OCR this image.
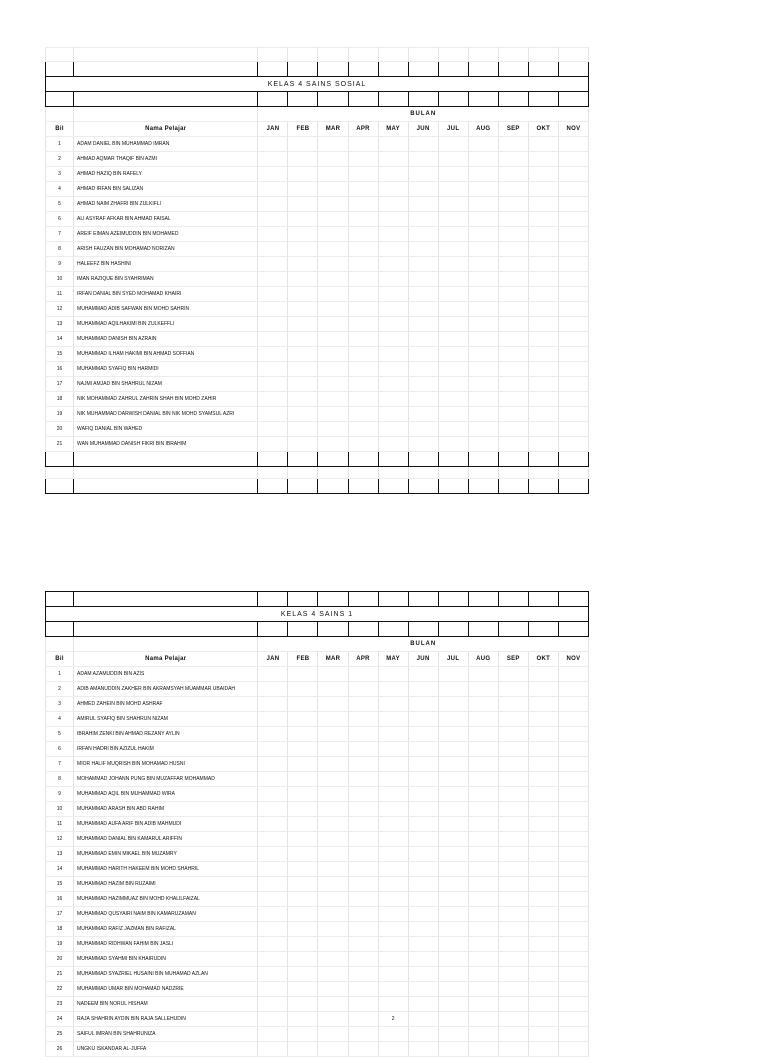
KELAS 4 SAINS SOSIAL												

		BULAN										
Bil	Nama Pelajar	JAN	FEB	MAR	APR	MAY	JUN	JUL	AUG	SEP	OKT	NOV
1	ADAM DANIEL BIN MUHAMMAD IMRAN											
2	AHMAD AQMAR THAQIF BIN AZMI											
3	AHMAD HAZIQ BIN RAFELY											
4	AHMAD IRFAN BIN SALIZAN											
5	AHMAD NAIM ZHAFRI BIN ZULKIFLI											
6	ALI ASYRAF AFKAR BIN AHMAD FAISAL											
7	AREIF EIMAN AZEIMUDDIN BIN MOHAMED											
8	ARISH FAUZAN BIN MOHAMAD NORIZAN											
9	HALEEFZ BIN HASHINI											
10	IMAN RAZIQUE BIN SYAHRIMAN											
11	IRFAN DANIAL BIN SYED MOHAMAD KHAIRI											
12	MUHAMMAD ADIB SAFWAN BIN MOHD SAHRIN											
13	MUHAMMAD AQILHAKIMI BIN ZULKEFFLI											
14	MUHAMMAD DANISH BIN AZRAIN											
15	MUHAMMAD ILHAM HAKIMI BIN AHMAD SOFFIAN											
16	MUHAMMAD SYAFIQ BIN HARMIDI											
17	NAJMI AMJAD BIN SHAHRUL NIZAM											
18	NIK MOHAMMAD ZAHRUL ZAHRIN SHAH BIN MOHD ZAHIR											
19	NIK MUHAMMAD DARWISH DANIAL BIN NIK MOHD SYAMSUL AZRI											
20	WAFIQ DANIAL BIN WAHED											
21	WAN MUHAMMAD DANISH FIKRI BIN IBRAHIM											

KELAS 4 SAINS 1												

		BULAN										
Bil	Nama Pelajar	JAN	FEB	MAR	APR	MAY	JUN	JUL	AUG	SEP	OKT	NOV
1	ADAM AZAMUDDIN BIN AZIS											
2	ADIB AMANUDDIN ZAKHER BIN AKRAMSYAH MUAMMAR UBAIDAH											
3	AHMED ZAHEIN BIN MOHD ASHRAF											
4	AMIRUL SYAFIQ BIN SHAHRUN NIZAM											
5	IBRAHIM ZENKI BIN AHMAD REZANY AYLIN											
6	IRFAN HADRI BIN AZIZUL HAKIM											
7	MIOR HALIF MUQRISH BIN MOHAMAD HUSNI											
8	MOHAMMAD JOHANN PUNG BIN MUZAFFAR MOHAMMAD											
9	MUHAMMAD AQIL BIN MUHAMMAD WIRA											
10	MUHAMMAD ARASH BIN ABD RAHIM											
11	MUHAMMAD AUFA ARIF BIN ADIB MAHMUDI											
12	MUHAMMAD DANIAL BIN KAMARUL ARIFFIN											
13	MUHAMMAD EMIN MIKAEL BIN MUZAMRY											
14	MUHAMMAD HARITH HAKEEM BIN MOHD SHAHRIL											
15	MUHAMMAD HAZIM BIN RUZAIMI											
16	MUHAMMAD HAZIMMUAZ BIN MOHD KHALILFAIZAL											
17	MUHAMMAD QUSYAIRI NAIM BIN KAMARUZAMAN											
18	MUHAMMAD RAFIZ JAZMAN BIN RAFIZAL											
19	MUHAMMAD RIDHWAN FAHIM BIN JASLI											
20	MUHAMMAD SYAHMI BIN KHAIRUDIN											
21	MUHAMMAD SYAZRIEL HUSAINI BIN MUHAMAD AZLAN											
22	MUHAMMAD UMAR BIN MOHAMAD NADZRIE											
23	NADEEM BIN NORUL HISHAM											
24	RAJA SHAHRIN AYDIN BIN RAJA SALLEHUDIN					2						
25	SAIFUL IMRAN BIN SHAHRUNIZA											
26	UNGKU ISKANDAR AL-JUFFA											
